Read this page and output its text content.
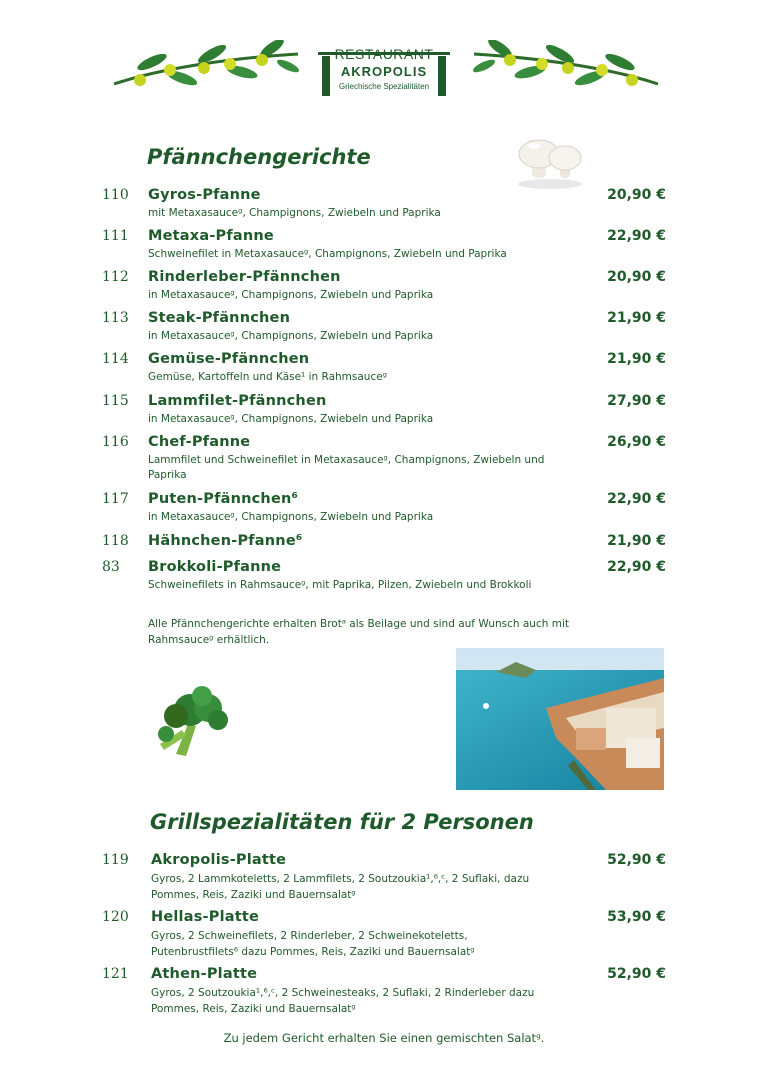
AKROPOLIS
Griechische Spezialitäten
Pfännchengerichte
110 Gyros-Pfanne	20,90 €
mit Metaxasauceᵍ, Champignons, Zwiebeln und Paprika
111 Metaxa-Pfanne	22,90 €
Schweinefilet in Metaxasauceᵍ, Champignons, Zwiebeln und Paprika
112 Rinderleber-Pfännchen	20,90 €
in Metaxasauceᵍ, Champignons, Zwiebeln und Paprika
113 Steak-Pfännchen	21,90 €
in Metaxasauceᵍ, Champignons, Zwiebeln und Paprika
114 Gemüse-Pfännchen	21,90 €
Gemüse, Kartoffeln und Käse¹ in Rahmsauceᵍ
115 Lammfilet-Pfännchen	27,90 €
in Metaxasauceᵍ, Champignons, Zwiebeln und Paprika
116 Chef-Pfanne	26,90 €
Lammfilet und Schweinefilet in Metaxasauceᵍ, Champignons, Zwiebeln und Paprika
117 Puten-Pfännchen⁶	22,90 €
in Metaxasauceᵍ, Champignons, Zwiebeln und Paprika
118 Hähnchen-Pfanne⁶	21,90 €
83 Brokkoli-Pfanne	22,90 €
Schweinefilets in Rahmsauceᵍ, mit Paprika, Pilzen, Zwiebeln und Brokkoli
Alle Pfännchengerichte erhalten Brotᵃ als Beilage und sind auf Wunsch auch mit Rahmsauceᵍ erhältlich.
Grillspezialitäten für 2 Personen
119 Akropolis-Platte	52,90 €
Gyros, 2 Lammkoteletts, 2 Lammfilets, 2 Soutzoukia¹,⁶,ᶜ, 2 Suflaki, dazu Pommes, Reis, Zaziki und Bauernsalatᵍ
120 Hellas-Platte	53,90 €
Gyros, 2 Schweinefilets, 2 Rinderleber, 2 Schweinekoteletts, Putenbrustfilets⁶ dazu Pommes, Reis, Zaziki und Bauernsalatᵍ
121 Athen-Platte	52,90 €
Gyros, 2 Soutzoukia¹,⁶,ᶜ, 2 Schweinesteaks, 2 Suflaki, 2 Rinderleber dazu Pommes, Reis, Zaziki und Bauernsalatᵍ
Zu jedem Gericht erhalten Sie einen gemischten Salatᵍ.
